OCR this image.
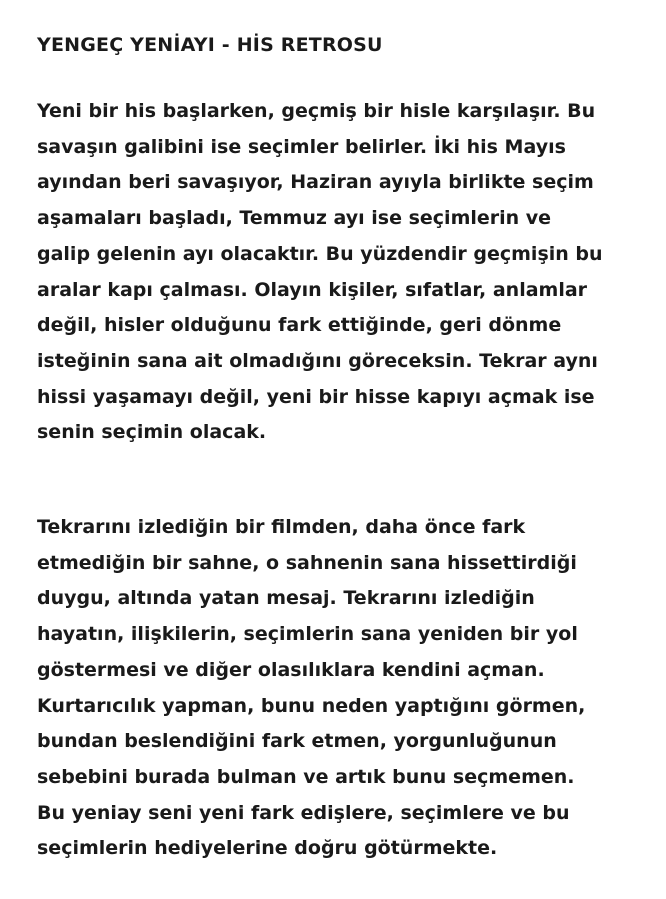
YENGEÇ YENİAYI - HİS RETROSU
Yeni bir his başlarken, geçmiş bir hisle karşılaşır. Bu
savaşın galibini ise seçimler belirler. İki his Mayıs
ayından beri savaşıyor, Haziran ayıyla birlikte seçim
aşamaları başladı, Temmuz ayı ise seçimlerin ve
galip gelenin ayı olacaktır. Bu yüzdendir geçmişin bu
aralar kapı çalması. Olayın kişiler, sıfatlar, anlamlar
değil, hisler olduğunu fark ettiğinde, geri dönme
isteğinin sana ait olmadığını göreceksin. Tekrar aynı
hissi yaşamayı değil, yeni bir hisse kapıyı açmak ise
senin seçimin olacak.
Tekrarını izlediğin bir filmden, daha önce fark
etmediğin bir sahne, o sahnenin sana hissettirdiği
duygu, altında yatan mesaj. Tekrarını izlediğin
hayatın, ilişkilerin, seçimlerin sana yeniden bir yol
göstermesi ve diğer olasılıklara kendini açman.
Kurtarıcılık yapman, bunu neden yaptığını görmen,
bundan beslendiğini fark etmen, yorgunluğunun
sebebini burada bulman ve artık bunu seçmemen.
Bu yeniay seni yeni fark edişlere, seçimlere ve bu
seçimlerin hediyelerine doğru götürmekte.
